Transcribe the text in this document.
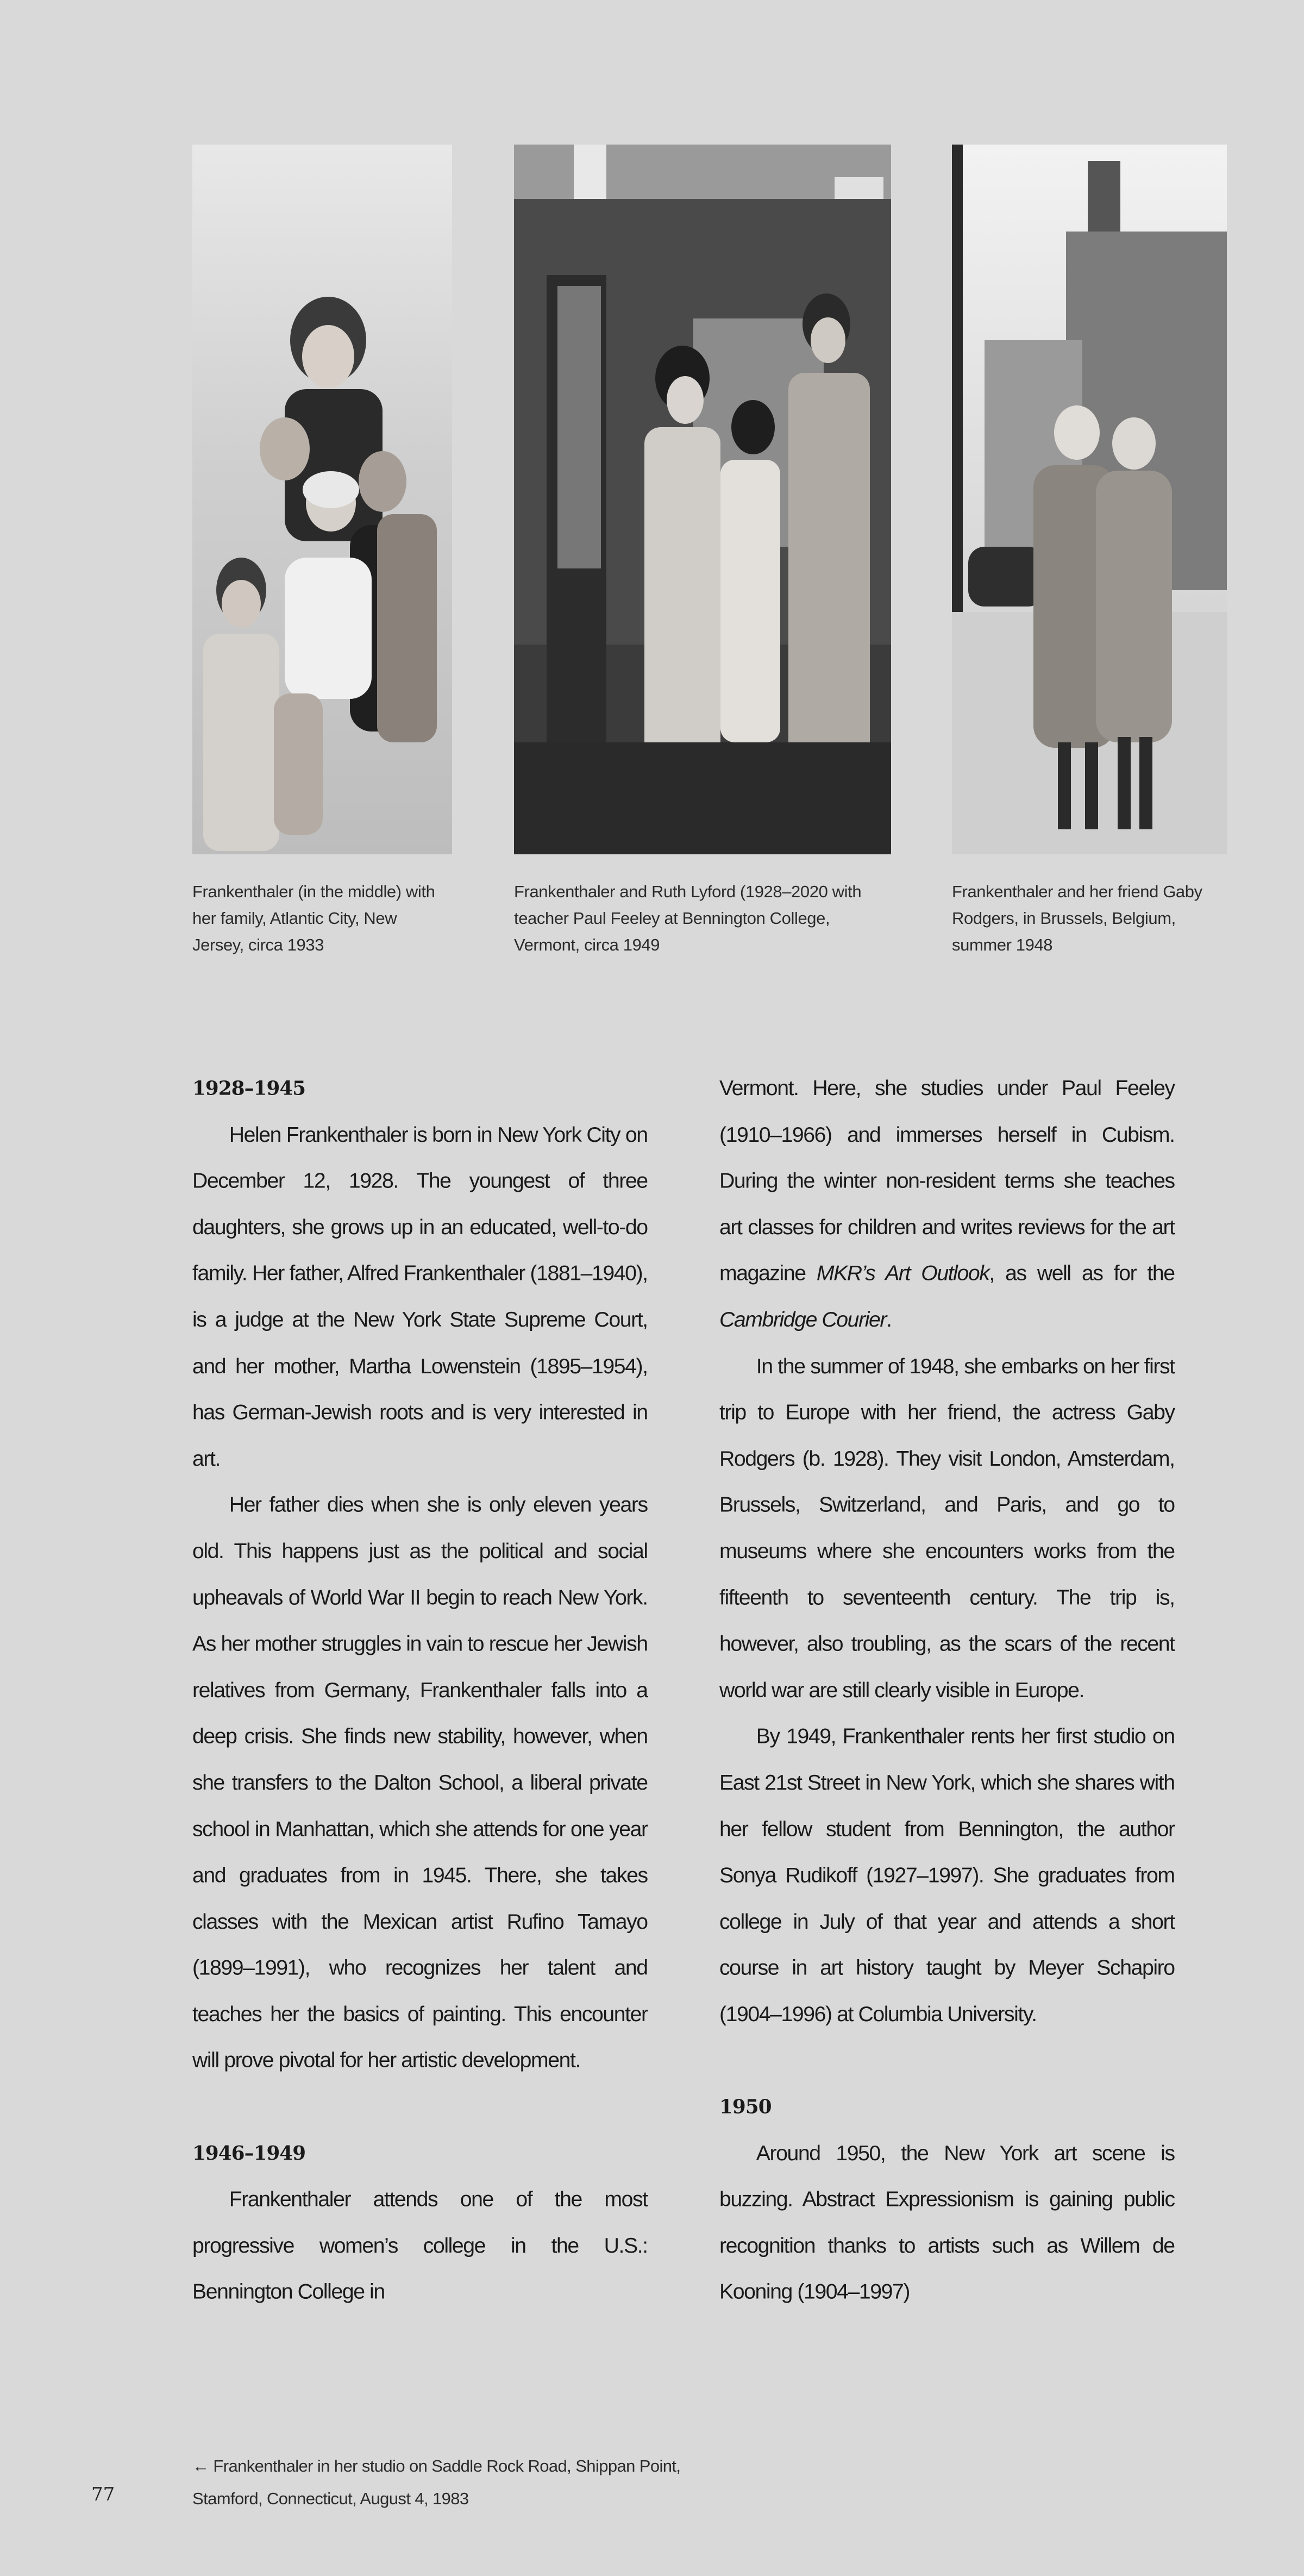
Frankenthaler (in the middle) with her family, Atlantic City, New Jersey, circa 1933
Frankenthaler and Ruth Lyford (1928–2020 with teacher Paul Feeley at Bennington College, Vermont, circa 1949
Frankenthaler and her friend Gaby Rodgers, in Brussels, Belgium, summer 1948
1928–1945

Helen Frankenthaler is born in New York City on December 12, 1928. The youngest of three daughters, she grows up in an educated, well-to-do family. Her father, Alfred Frankenthaler (1881–1940), is a judge at the New York State Supreme Court, and her mother, Martha Lowenstein (1895–1954), has German-Jewish roots and is very interested in art.

Her father dies when she is only eleven years old. This happens just as the political and social upheavals of World War II begin to reach New York. As her mother struggles in vain to rescue her Jewish relatives from Germany, Frankenthaler falls into a deep crisis. She finds new stability, however, when she transfers to the Dalton School, a liberal private school in Manhattan, which she attends for one year and graduates from in 1945. There, she takes classes with the Mexican artist Rufino Tamayo (1899–1991), who recognizes her talent and teaches her the basics of painting. This encounter will prove pivotal for her artistic development.

1946–1949

Frankenthaler attends one of the most progressive women’s college in the U.S.: Bennington College in

Vermont. Here, she studies under Paul Feeley (1910–1966) and immerses herself in Cubism. During the winter non-resident terms she teaches art classes for children and writes reviews for the art magazine MKR’s Art Outlook, as well as for the Cambridge Courier.

In the summer of 1948, she embarks on her first trip to Europe with her friend, the actress Gaby Rodgers (b. 1928). They visit London, Amsterdam, Brussels, Switzerland, and Paris, and go to museums where she encounters works from the fifteenth to seventeenth century. The trip is, however, also troubling, as the scars of the recent world war are still clearly visible in Europe.

By 1949, Frankenthaler rents her first studio on East 21st Street in New York, which she shares with her fellow student from Bennington, the author Sonya Rudikoff (1927–1997). She graduates from college in July of that year and attends a short course in art history taught by Meyer Schapiro (1904–1996) at Columbia University.

1950

Around 1950, the New York art scene is buzzing. Abstract Expressionism is gaining public recognition thanks to artists such as Willem de Kooning (1904–1997)

← Frankenthaler in her studio on Saddle Rock Road, Shippan Point, Stamford, Connecticut, August 4, 1983
77
